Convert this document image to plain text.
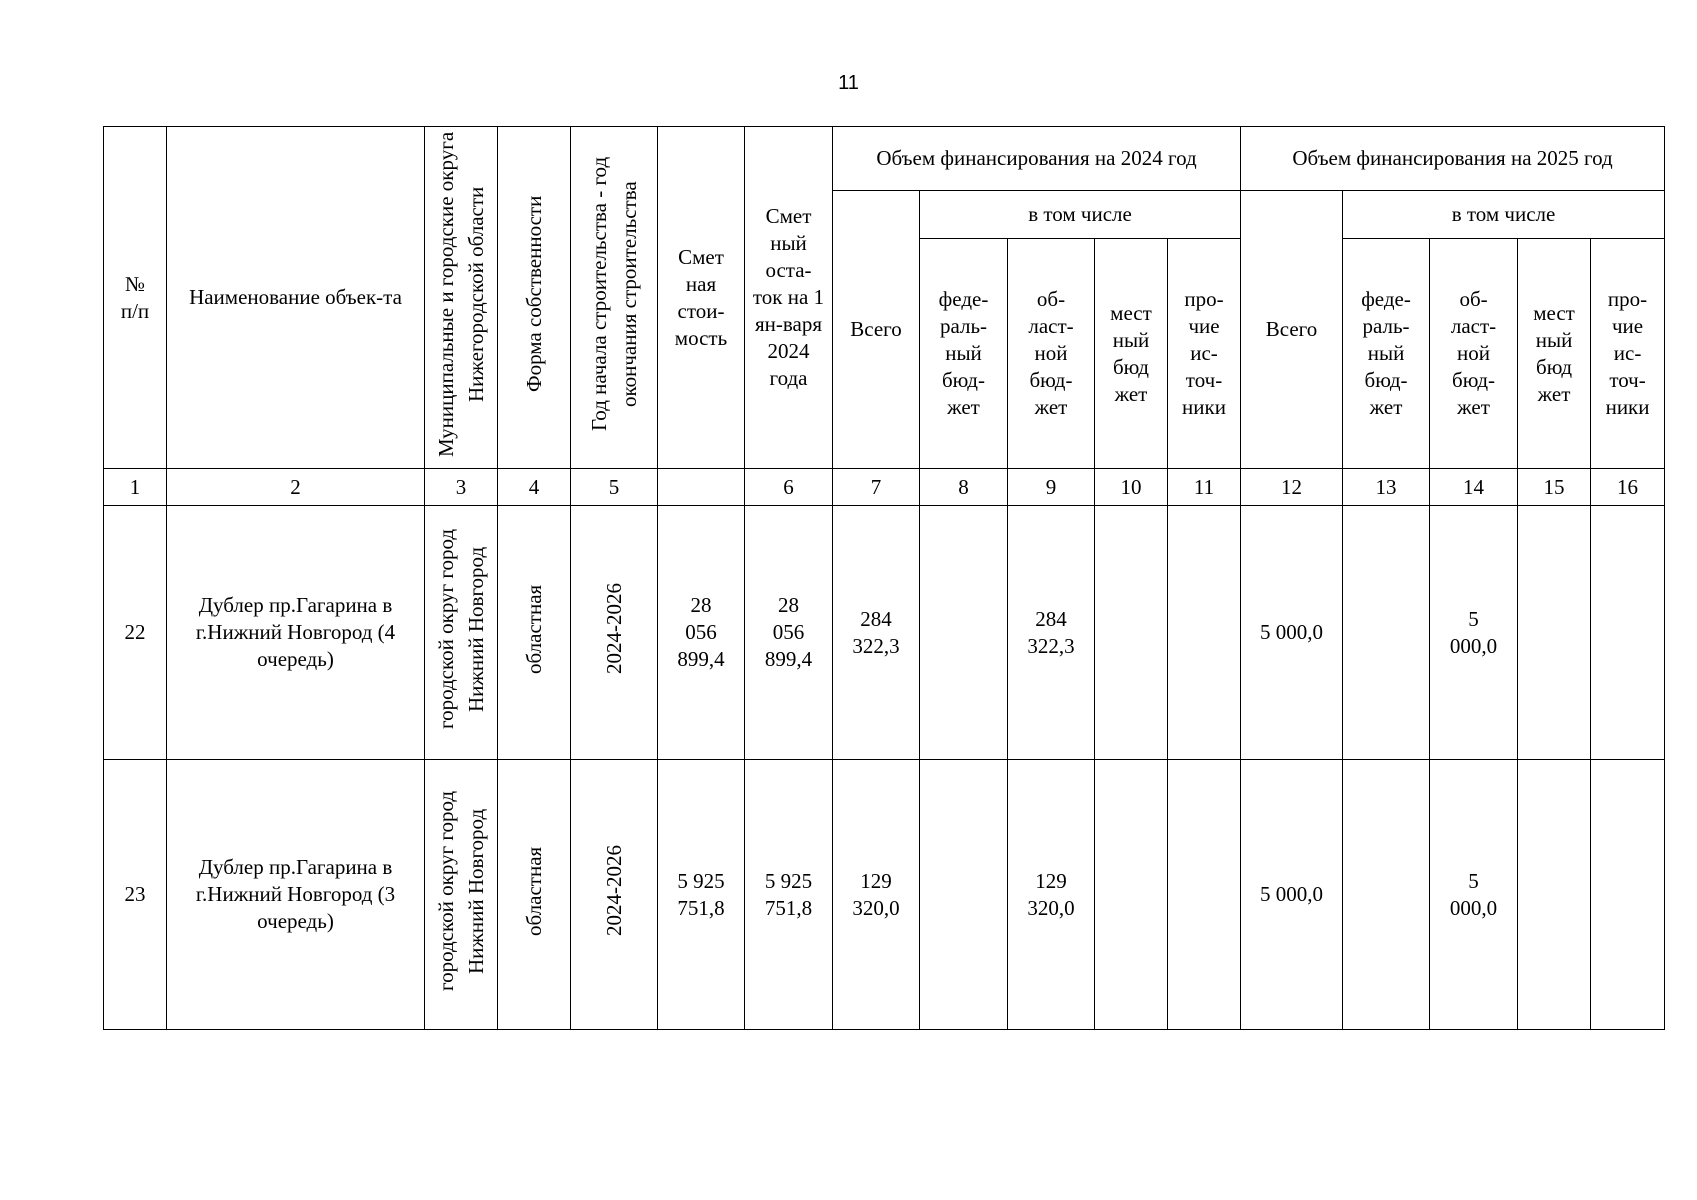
11
№ п/п	Наименование объек-та	Муниципальные и городские округа Нижегородской области	Форма собственности	Год начала строительства - год окончания строительства	Смет ная стои-мость	Смет ный оста-ток на 1 ян-варя 2024 года	Объем финансирования на 2024 год					Объем финансирования на 2025 год				
							Всего	в том числе				Всего	в том числе			
								феде-раль-ный бюд-жет	об-ласт-ной бюд-жет	мест ный бюд жет	про-чие ис-точ-ники		феде-раль-ный бюд-жет	об-ласт-ной бюд-жет	мест ный бюд жет	про-чие ис-точ-ники
1	2	3	4	5		6	7	8	9	10	11	12	13	14	15	16
22	Дублер пр.Гагарина в г.Нижний Новгород (4 очередь)	городской округ город Нижний Новгород	областная	2024-2026	28 056 899,4	28 056 899,4	284 322,3		284 322,3			5 000,0		5 000,0		
23	Дублер пр.Гагарина в г.Нижний Новгород (3 очередь)	городской округ город Нижний Новгород	областная	2024-2026	5 925 751,8	5 925 751,8	129 320,0		129 320,0			5 000,0		5 000,0		
